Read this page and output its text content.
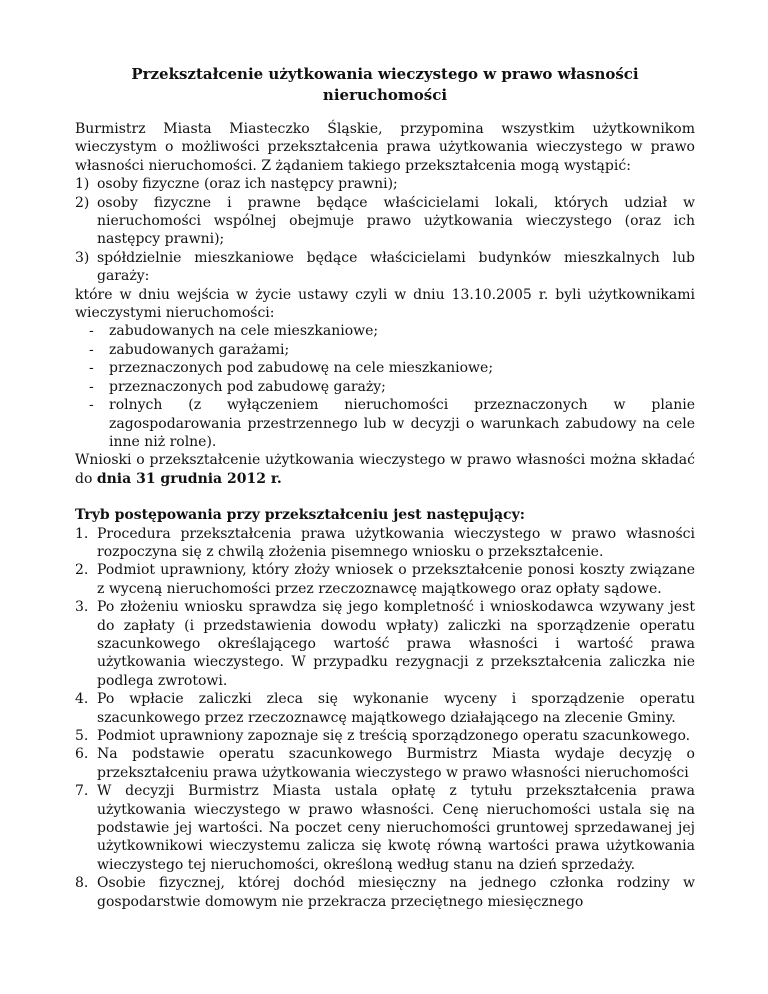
Przekształcenie użytkowania wieczystego w prawo własności nieruchomości

Burmistrz Miasta Miasteczko Śląskie, przypomina wszystkim użytkownikom wieczystym o możliwości przekształcenia prawa użytkowania wieczystego w prawo własności nieruchomości. Z żądaniem takiego przekształcenia mogą wystąpić:

1) osoby fizyczne (oraz ich następcy prawni);
2) osoby fizyczne i prawne będące właścicielami lokali, których udział w nieruchomości wspólnej obejmuje prawo użytkowania wieczystego (oraz ich następcy prawni);
3) spółdzielnie mieszkaniowe będące właścicielami budynków mieszkalnych lub garaży:

które w dniu wejścia w życie ustawy czyli w dniu 13.10.2005 r. byli użytkownikami wieczystymi nieruchomości:

-	zabudowanych na cele mieszkaniowe;
-	zabudowanych garażami;
-	przeznaczonych pod zabudowę na cele mieszkaniowe;
-	przeznaczonych pod zabudowę garaży;
-	rolnych (z wyłączeniem nieruchomości przeznaczonych w planie zagospodarowania przestrzennego lub w decyzji o warunkach zabudowy na cele inne niż rolne).

Wnioski o przekształcenie użytkowania wieczystego w prawo własności można składać do dnia 31 grudnia 2012 r.

Tryb postępowania przy przekształceniu jest następujący:

1. Procedura przekształcenia prawa użytkowania wieczystego w prawo własności rozpoczyna się z chwilą złożenia pisemnego wniosku o przekształcenie.
2. Podmiot uprawniony, który złoży wniosek o przekształcenie ponosi koszty związane z wyceną nieruchomości przez rzeczoznawcę majątkowego oraz opłaty sądowe.
3. Po złożeniu wniosku sprawdza się jego kompletność i wnioskodawca wzywany jest do zapłaty (i przedstawienia dowodu wpłaty) zaliczki na sporządzenie operatu szacunkowego określającego wartość prawa własności i wartość prawa użytkowania wieczystego. W przypadku rezygnacji z przekształcenia zaliczka nie podlega zwrotowi.
4. Po wpłacie zaliczki zleca się wykonanie wyceny i sporządzenie operatu szacunkowego przez rzeczoznawcę majątkowego działającego na zlecenie Gminy.
5. Podmiot uprawniony zapoznaje się z treścią sporządzonego operatu szacunkowego.
6. Na podstawie operatu szacunkowego Burmistrz Miasta wydaje decyzję o przekształceniu prawa użytkowania wieczystego w prawo własności nieruchomości
7. W decyzji Burmistrz Miasta ustala opłatę z tytułu przekształcenia prawa użytkowania wieczystego w prawo własności. Cenę nieruchomości ustala się na podstawie jej wartości. Na poczet ceny nieruchomości gruntowej sprzedawanej jej użytkownikowi wieczystemu zalicza się kwotę równą wartości prawa użytkowania wieczystego tej nieruchomości, określoną według stanu na dzień sprzedaży.
8. Osobie fizycznej, której dochód miesięczny na jednego członka rodziny w gospodarstwie domowym nie przekracza przeciętnego miesięcznego
